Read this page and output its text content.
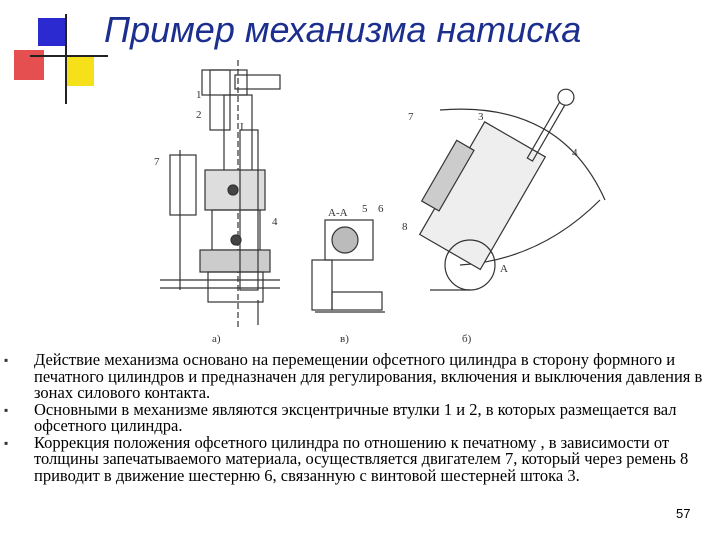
Пример механизма натиска
1
2
I
7
4
A-A 5 6
7	3
4
8
A
а)	в)	б)
▪	Действие механизма основано на перемещении офсетного цилиндра в сторону формного и печатного цилиндров и предназначен для регулирования, включения и выключения давления в зонах силового контакта.
▪	Основными в механизме являются эксцентричные втулки 1 и 2, в которых размещается вал офсетного цилиндра.
▪	Коррекция положения офсетного цилиндра по отношению к печатному , в зависимости от толщины запечатываемого материала, осуществляется двигателем 7, который через ремень 8 приводит в движение шестерню 6, связанную с винтовой шестерней штока 3.
57
